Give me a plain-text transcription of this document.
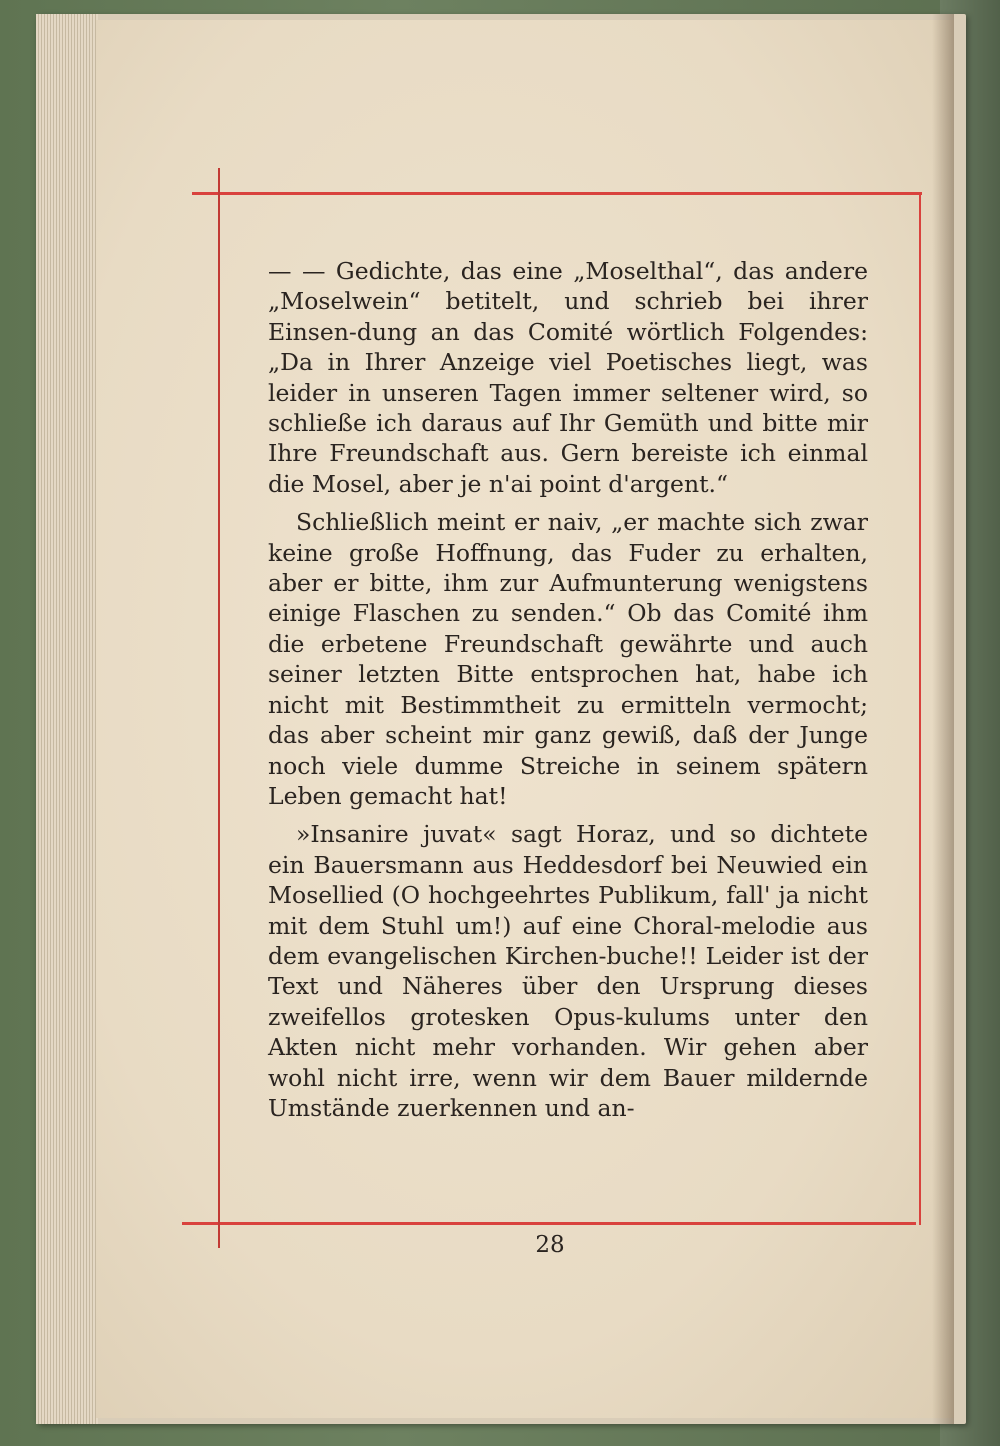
— — Gedichte, das eine „Moselthal“, das andere „Moselwein“ betitelt, und schrieb bei ihrer Einsen-dung an das Comité wörtlich Folgendes: „Da in Ihrer Anzeige viel Poetisches liegt, was leider in unseren Tagen immer seltener wird, so schließe ich daraus auf Ihr Gemüth und bitte mir Ihre Freundschaft aus. Gern bereiste ich einmal die Mosel, aber je n'ai point d'argent.“

Schließlich meint er naiv, „er machte sich zwar keine große Hoffnung, das Fuder zu erhalten, aber er bitte, ihm zur Aufmunterung wenigstens einige Flaschen zu senden.“ Ob das Comité ihm die erbetene Freundschaft gewährte und auch seiner letzten Bitte entsprochen hat, habe ich nicht mit Bestimmtheit zu ermitteln vermocht; das aber scheint mir ganz gewiß, daß der Junge noch viele dumme Streiche in seinem spätern Leben gemacht hat!

»Insanire juvat« sagt Horaz, und so dichtete ein Bauersmann aus Heddesdorf bei Neuwied ein Mosellied (O hochgeehrtes Publikum, fall' ja nicht mit dem Stuhl um!) auf eine Choral-melodie aus dem evangelischen Kirchen-buche!! Leider ist der Text und Näheres über den Ursprung dieses zweifellos grotesken Opus-kulums unter den Akten nicht mehr vorhanden. Wir gehen aber wohl nicht irre, wenn wir dem Bauer mildernde Umstände zuerkennen und an-

28
